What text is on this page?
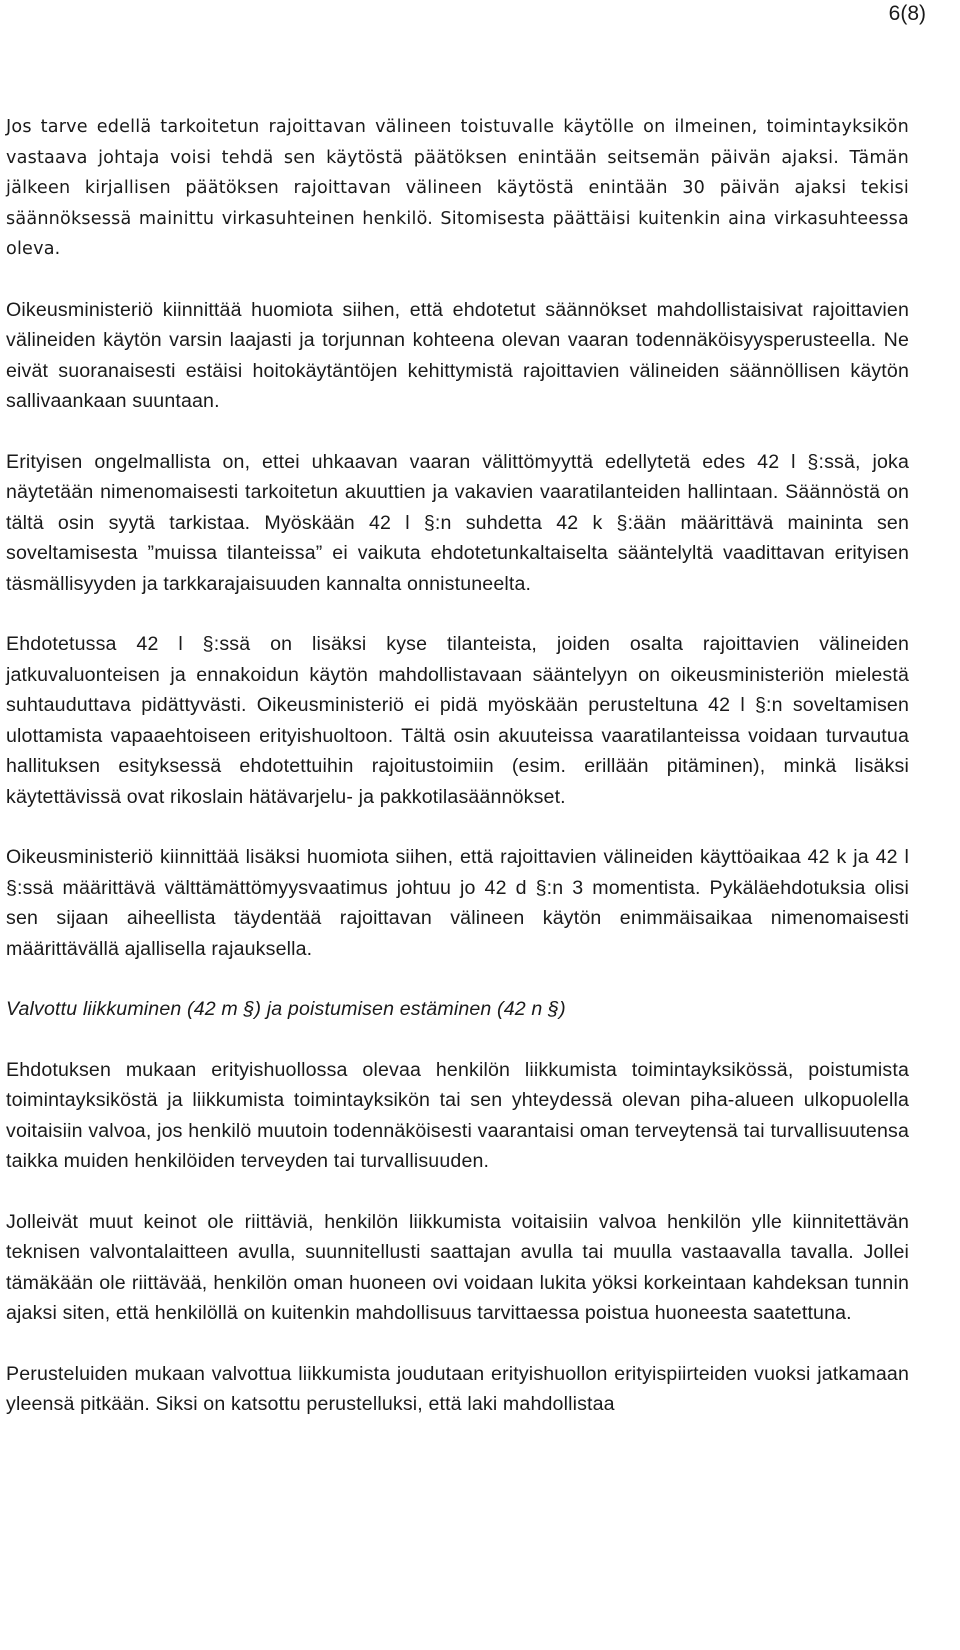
6(8)

Jos tarve edellä tarkoitetun rajoittavan välineen toistuvalle käytölle on ilmeinen, toimintayksikön vastaava johtaja voisi tehdä sen käytöstä päätöksen enintään seitsemän päivän ajaksi. Tämän jälkeen kirjallisen päätöksen rajoittavan välineen käytöstä enintään 30 päivän ajaksi tekisi säännöksessä mainittu virkasuhteinen henkilö. Sitomisesta päättäisi kuitenkin aina virkasuhteessa oleva.

Oikeusministeriö kiinnittää huomiota siihen, että ehdotetut säännökset mahdollistaisivat rajoittavien välineiden käytön varsin laajasti ja torjunnan kohteena olevan vaaran todennäköisyysperusteella. Ne eivät suoranaisesti estäisi hoitokäytäntöjen kehittymistä rajoittavien välineiden säännöllisen käytön sallivaankaan suuntaan.

Erityisen ongelmallista on, ettei uhkaavan vaaran välittömyyttä edellytetä edes 42 l §:ssä, joka näytetään nimenomaisesti tarkoitetun akuuttien ja vakavien vaaratilanteiden hallintaan. Säännöstä on tältä osin syytä tarkistaa. Myöskään 42 l §:n suhdetta 42 k §:ään määrittävä maininta sen soveltamisesta ”muissa tilanteissa” ei vaikuta ehdotetunkaltaiselta sääntelyltä vaadittavan erityisen täsmällisyyden ja tarkkarajaisuuden kannalta onnistuneelta.

Ehdotetussa 42 l §:ssä on lisäksi kyse tilanteista, joiden osalta rajoittavien välineiden jatkuvaluonteisen ja ennakoidun käytön mahdollistavaan sääntelyyn on oikeusministeriön mielestä suhtauduttava pidättyvästi. Oikeusministeriö ei pidä myöskään perusteltuna 42 l §:n soveltamisen ulottamista vapaaehtoiseen erityishuoltoon. Tältä osin akuuteissa vaaratilanteissa voidaan turvautua hallituksen esityksessä ehdotettuihin rajoitustoimiin (esim. erillään pitäminen), minkä lisäksi käytettävissä ovat rikoslain hätävarjelu- ja pakkotilasäännökset.

Oikeusministeriö kiinnittää lisäksi huomiota siihen, että rajoittavien välineiden käyttöaikaa 42 k ja 42 l §:ssä määrittävä välttämättömyysvaatimus johtuu jo 42 d §:n 3 momentista. Pykäläehdotuksia olisi sen sijaan aiheellista täydentää rajoittavan välineen käytön enimmäisaikaa nimenomaisesti määrittävällä ajallisella rajauksella.

Valvottu liikkuminen (42 m §) ja poistumisen estäminen (42 n §)

Ehdotuksen mukaan erityishuollossa olevaa henkilön liikkumista toimintayksikössä, poistumista toimintayksiköstä ja liikkumista toimintayksikön tai sen yhteydessä olevan piha-alueen ulkopuolella voitaisiin valvoa, jos henkilö muutoin todennäköisesti vaarantaisi oman terveytensä tai turvallisuutensa taikka muiden henkilöiden terveyden tai turvallisuuden.

Jolleivät muut keinot ole riittäviä, henkilön liikkumista voitaisiin valvoa henkilön ylle kiinnitettävän teknisen valvontalaitteen avulla, suunnitellusti saattajan avulla tai muulla vastaavalla tavalla. Jollei tämäkään ole riittävää, henkilön oman huoneen ovi voidaan lukita yöksi korkeintaan kahdeksan tunnin ajaksi siten, että henkilöllä on kuitenkin mahdollisuus tarvittaessa poistua huoneesta saatettuna.

Perusteluiden mukaan valvottua liikkumista joudutaan erityishuollon erityispiirteiden vuoksi jatkamaan yleensä pitkään. Siksi on katsottu perustelluksi, että laki mahdollistaa
